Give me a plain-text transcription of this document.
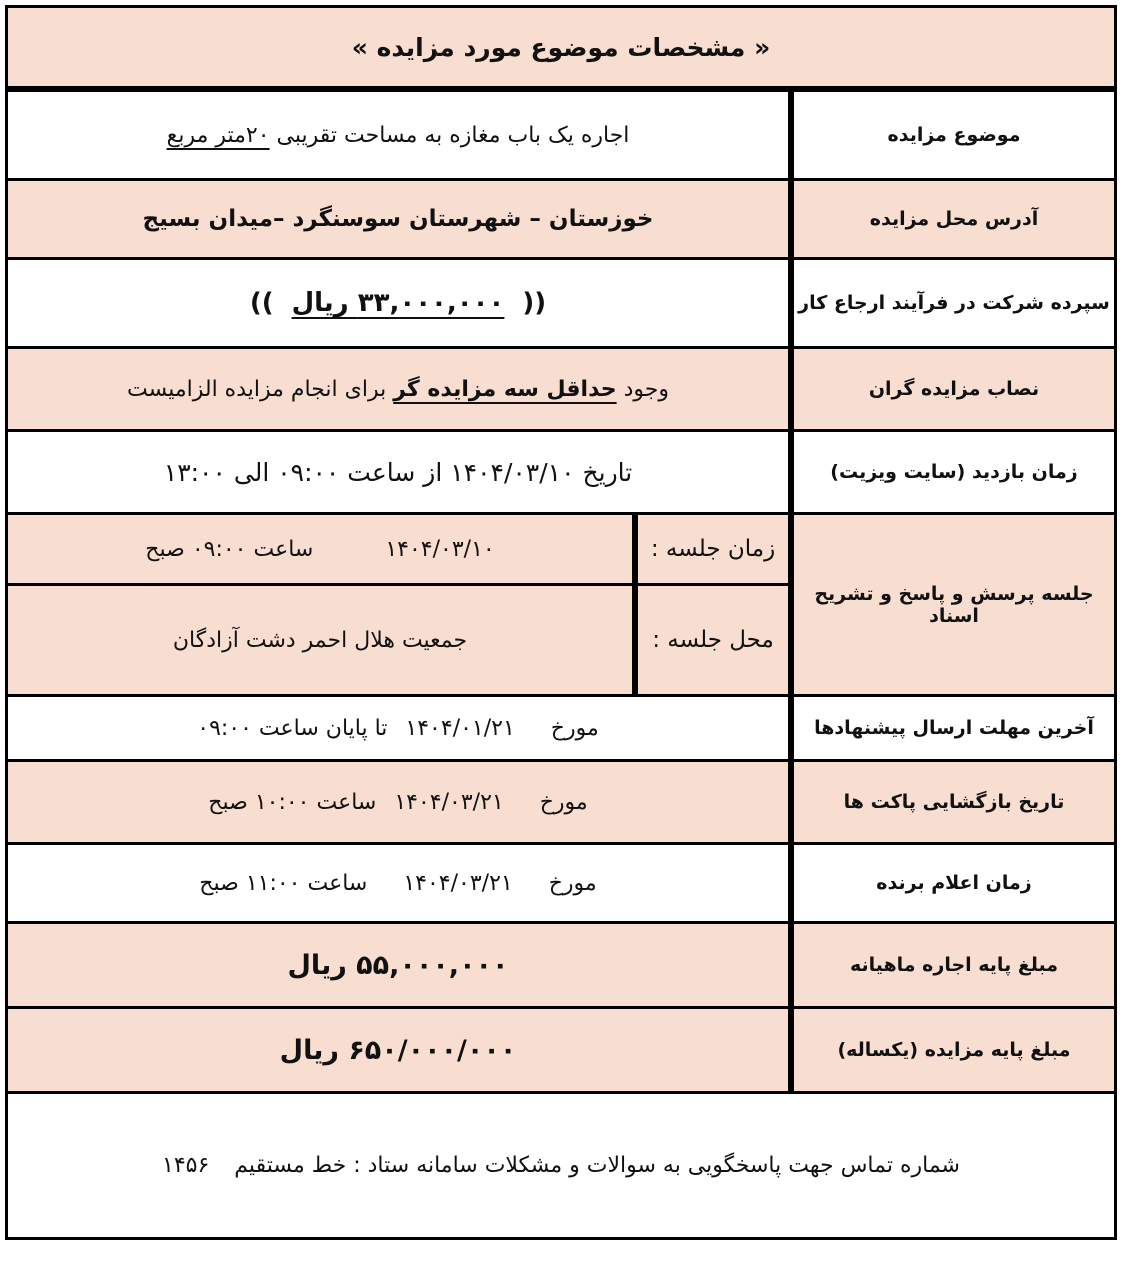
« مشخصات موضوع مورد مزایده »
اجاره یک باب مغازه به مساحت تقریبی ۲۰متر مربع	موضوع مزایده
خوزستان – شهرستان سوسنگرد –میدان بسیج	آدرس محل مزایده
((۳۳,۰۰۰,۰۰۰ ریال))	سپرده شرکت در فرآیند ارجاع کار
وجود حداقل سه مزایده گر برای انجام مزایده الزامیست	نصاب مزایده گران
تاریخ ۱۴۰۴/۰۳/۱۰ از ساعت ۰۹:۰۰ الی ۱۳:۰۰	زمان بازدید (سایت ویزیت)
۱۴۰۴/۰۳/۱۰ساعت ۰۹:۰۰ صبح	زمان جلسه :
جمعیت هلال احمر دشت آزادگان	محل جلسه :
جلسه پرسش و پاسخ و تشریح اسناد
مورخ۱۴۰۴/۰۱/۲۱تا پایان ساعت ۰۹:۰۰	آخرین مهلت ارسال پیشنهادها
مورخ۱۴۰۴/۰۳/۲۱ساعت ۱۰:۰۰ صبح	تاریخ بازگشایی پاکت ها
مورخ۱۴۰۴/۰۳/۲۱ساعت ۱۱:۰۰ صبح	زمان اعلام برنده
۵۵,۰۰۰,۰۰۰ ریال	مبلغ پایه اجاره ماهیانه
۶۵۰/۰۰۰/۰۰۰ ریال	مبلغ پایه مزایده (یکساله)
شماره تماس جهت پاسخگویی به سوالات و مشکلات سامانه ستاد : خط مستقیم ۱۴۵۶
